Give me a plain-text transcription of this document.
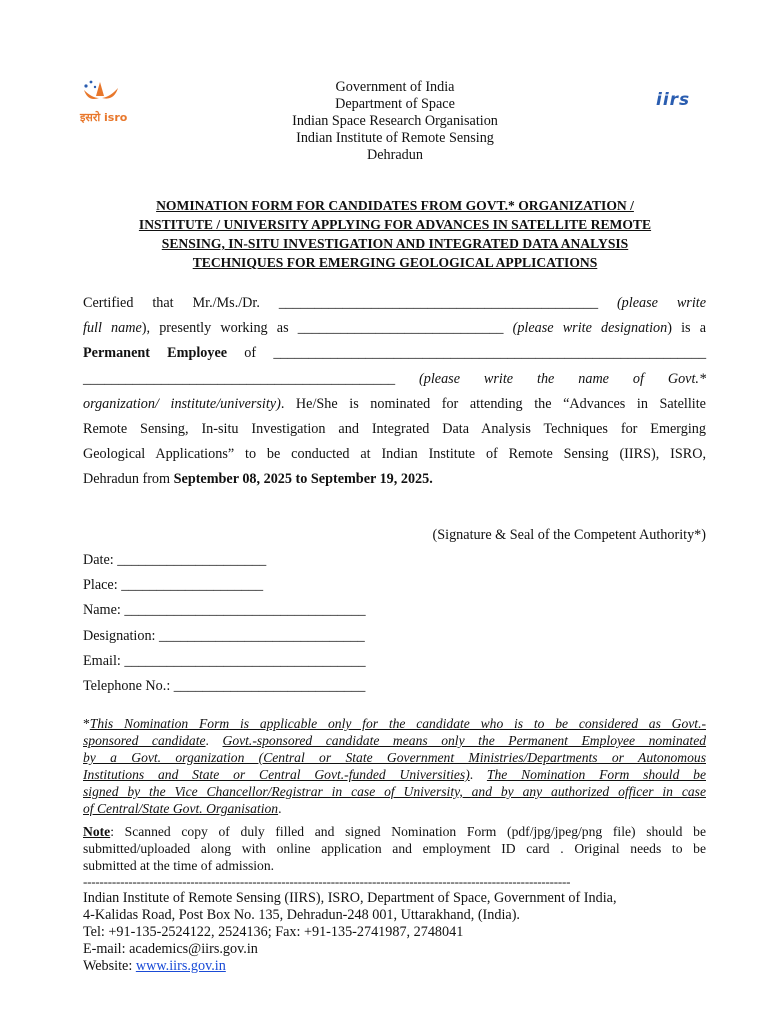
इसरो isro
iirs
Government of India
Department of Space
Indian Space Research Organisation
Indian Institute of Remote Sensing
Dehradun
NOMINATION FORM FOR CANDIDATES FROM GOVT.* ORGANIZATION /
INSTITUTE / UNIVERSITY APPLYING FOR ADVANCES IN SATELLITE REMOTE
SENSING, IN-SITU INVESTIGATION AND INTEGRATED DATA ANALYSIS
TECHNIQUES FOR EMERGING GEOLOGICAL APPLICATIONS
Certified that Mr./Ms./Dr. _____________________________________________ (please write
full name), presently working as _____________________________ (please write designation) is a
Permanent Employee of _____________________________________________________________
____________________________________________ (please write the name of Govt.*
organization/ institute/university). He/She is nominated for attending the “Advances in Satellite
Remote Sensing, In-situ Investigation and Integrated Data Analysis Techniques for Emerging
Geological Applications” to be conducted at Indian Institute of Remote Sensing (IIRS), ISRO,
Dehradun from September 08, 2025 to September 19, 2025.
(Signature & Seal of the Competent Authority*)
Date: _____________________
Place: ____________________
Name: __________________________________
Designation: _____________________________
Email: __________________________________
Telephone No.: ___________________________
*This Nomination Form is applicable only for the candidate who is to be considered as Govt.-
sponsored candidate. Govt.-sponsored candidate means only the Permanent Employee nominated
by a Govt. organization (Central or State Government Ministries/Departments or Autonomous
Institutions and State or Central Govt.-funded Universities). The Nomination Form should be
signed by the Vice Chancellor/Registrar in case of University, and by any authorized officer in case
of Central/State Govt. Organisation.
Note: Scanned copy of duly filled and signed Nomination Form (pdf/jpg/jpeg/png file) should be
submitted/uploaded along with online application and employment ID card . Original needs to be
submitted at the time of admission.
----------------------------------------------------------------------------------------------------------------------
Indian Institute of Remote Sensing (IIRS), ISRO, Department of Space, Government of India,
4-Kalidas Road, Post Box No. 135, Dehradun-248 001, Uttarakhand, (India).
Tel: +91-135-2524122, 2524136; Fax: +91-135-2741987, 2748041
E-mail: academics@iirs.gov.in
Website: www.iirs.gov.in
